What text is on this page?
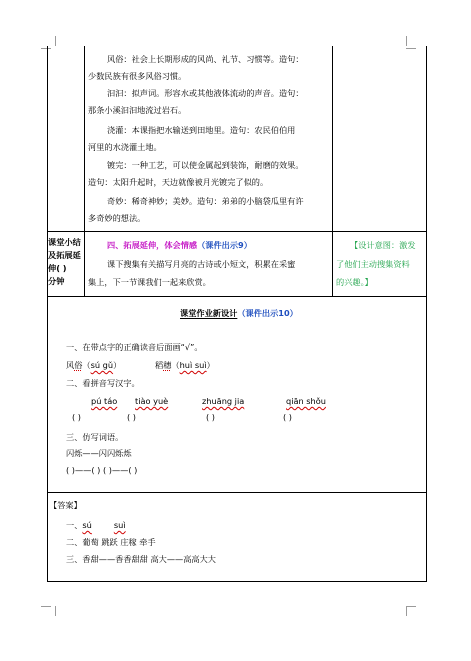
风俗：社会上长期形成的风尚、礼节、习惯等。造句：
少数民族有很多风俗习惯。
汩汩：拟声词。形容水或其他液体流动的声音。造句：
那条小溪汩汩地流过岩石。
浇灌：本课指把水输送到田地里。造句：农民伯伯用
河里的水浇灌土地。
镀完：一种工艺，可以使金属起到装饰，耐磨的效果。
造句：太阳升起时，天边就像被月光镀完了似的。
奇妙：稀奇神妙；美妙。造句：弟弟的小脑袋瓜里有许
多奇妙的想法。
课堂小结
及拓展延
伸( )
分钟
四、拓展延伸，体会情感（课件出示9）
课下搜集有关描写月亮的古诗或小短文，积累在采蜜
集上，下一节课我们一起来欣赏。
【设计意图：激发
了他们主动搜集资料
的兴趣。】
课堂作业新设计（课件出示10）
一、在带点字的正确读音后面画“√”。
风俗（sú gǔ）	稻穗（huì suì）
二、看拼音写汉字。
pú táo tiào yuè	zhuāng jia	qiān shǒu
( )	( )	( )	( )
三、仿写词语。
闪烁——闪闪烁烁
( )——( ) ( )——( )
【答案】
一、sú	suì
二、葡萄 跳跃 庄稼 牵手
三、香甜——香香甜甜 高大——高高大大
